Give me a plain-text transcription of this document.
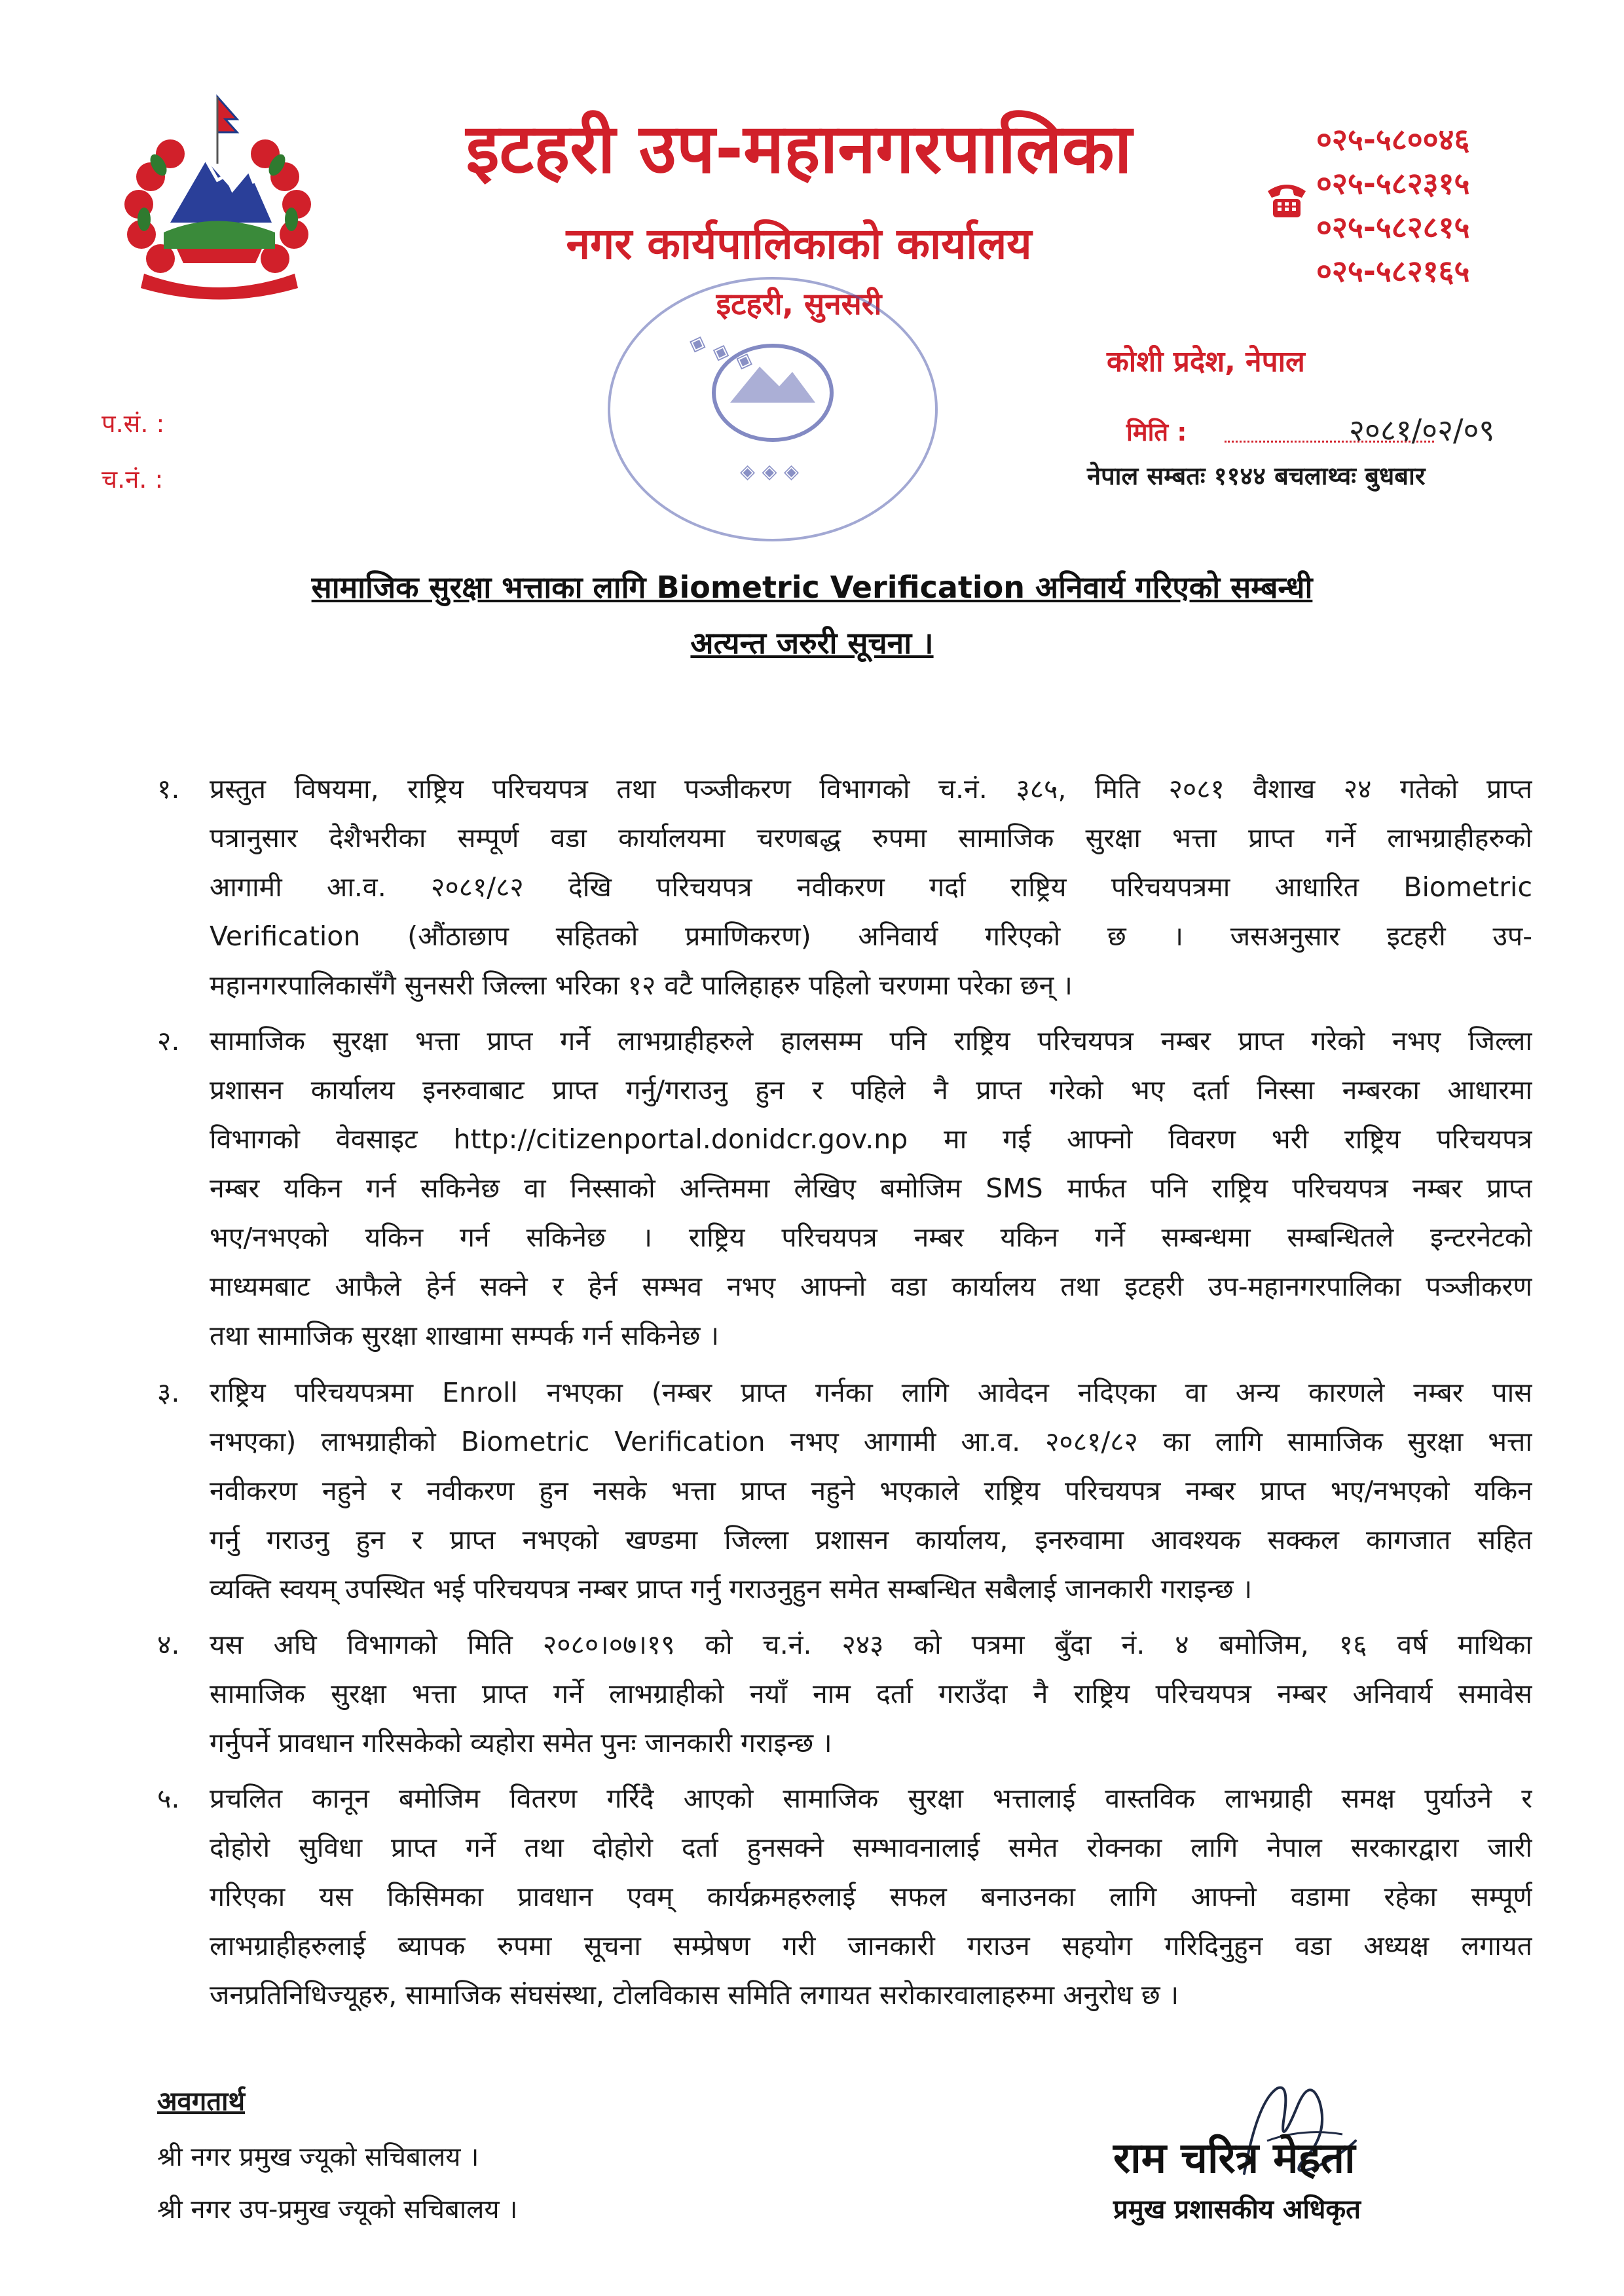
इटहरी उप-महानगरपालिका
नगर कार्यपालिकाको कार्यालय
इटहरी, सुनसरी
०२५-५८००४६
०२५-५८२३१५
०२५-५८२८१५
०२५-५८२१६५
कोशी प्रदेश, नेपाल
प.सं. :
च.नं. :
मिति :	२०८१/०२/०९
नेपाल सम्बतः ११४४ बचलाथ्वः बुधबार
◈ ◈ ◈
◈ ◈ ◈
सामाजिक सुरक्षा भत्ताका लागि Biometric Verification अनिवार्य गरिएको सम्बन्धी
अत्यन्त जरुरी सूचना ।
१. प्रस्तुत विषयमा, राष्ट्रिय परिचयपत्र तथा पञ्जीकरण विभागको च.नं. ३८५, मिति २०८१ वैशाख २४ गतेको प्राप्त
पत्रानुसार देशैभरीका सम्पूर्ण वडा कार्यालयमा चरणबद्ध रुपमा सामाजिक सुरक्षा भत्ता प्राप्त गर्ने लाभग्राहीहरुको
आगामी आ.व. २०८१/८२ देखि परिचयपत्र नवीकरण गर्दा राष्ट्रिय परिचयपत्रमा आधारित Biometric
Verification (औंठाछाप सहितको प्रमाणिकरण) अनिवार्य गरिएको छ । जसअनुसार इटहरी उप-
महानगरपालिकासँगै सुनसरी जिल्ला भरिका १२ वटै पालिहाहरु पहिलो चरणमा परेका छन् ।
२. सामाजिक सुरक्षा भत्ता प्राप्त गर्ने लाभग्राहीहरुले हालसम्म पनि राष्ट्रिय परिचयपत्र नम्बर प्राप्त गरेको नभए जिल्ला
प्रशासन कार्यालय इनरुवाबाट प्राप्त गर्नु/गराउनु हुन र पहिले नै प्राप्त गरेको भए दर्ता निस्सा नम्बरका आधारमा
विभागको वेवसाइट http://citizenportal.donidcr.gov.np मा गई आफ्नो विवरण भरी राष्ट्रिय परिचयपत्र
नम्बर यकिन गर्न सकिनेछ वा निस्साको अन्तिममा लेखिए बमोजिम SMS मार्फत पनि राष्ट्रिय परिचयपत्र नम्बर प्राप्त
भए/नभएको यकिन गर्न सकिनेछ । राष्ट्रिय परिचयपत्र नम्बर यकिन गर्ने सम्बन्धमा सम्बन्धितले इन्टरनेटको
माध्यमबाट आफैले हेर्न सक्ने र हेर्न सम्भव नभए आफ्नो वडा कार्यालय तथा इटहरी उप-महानगरपालिका पञ्जीकरण
तथा सामाजिक सुरक्षा शाखामा सम्पर्क गर्न सकिनेछ ।
३. राष्ट्रिय परिचयपत्रमा Enroll नभएका (नम्बर प्राप्त गर्नका लागि आवेदन नदिएका वा अन्य कारणले नम्बर पास
नभएका) लाभग्राहीको Biometric Verification नभए आगामी आ.व. २०८१/८२ का लागि सामाजिक सुरक्षा भत्ता
नवीकरण नहुने र नवीकरण हुन नसके भत्ता प्राप्त नहुने भएकाले राष्ट्रिय परिचयपत्र नम्बर प्राप्त भए/नभएको यकिन
गर्नु गराउनु हुन र प्राप्त नभएको खण्डमा जिल्ला प्रशासन कार्यालय, इनरुवामा आवश्यक सक्कल कागजात सहित
व्यक्ति स्वयम् उपस्थित भई परिचयपत्र नम्बर प्राप्त गर्नु गराउनुहुन समेत सम्बन्धित सबैलाई जानकारी गराइन्छ ।
४. यस अघि विभागको मिति २०८०।०७।१९ को च.नं. २४३ को पत्रमा बुँदा नं. ४ बमोजिम, १६ वर्ष माथिका
सामाजिक सुरक्षा भत्ता प्राप्त गर्ने लाभग्राहीको नयाँ नाम दर्ता गराउँदा नै राष्ट्रिय परिचयपत्र नम्बर अनिवार्य समावेस
गर्नुपर्ने प्रावधान गरिसकेको व्यहोरा समेत पुनः जानकारी गराइन्छ ।
५. प्रचलित कानून बमोजिम वितरण गर्रिदै आएको सामाजिक सुरक्षा भत्तालाई वास्तविक लाभग्राही समक्ष पुर्याउने र
दोहोरो सुविधा प्राप्त गर्ने तथा दोहोरो दर्ता हुनसक्ने सम्भावनालाई समेत रोक्नका लागि नेपाल सरकारद्वारा जारी
गरिएका यस किसिमका प्रावधान एवम् कार्यक्रमहरुलाई सफल बनाउनका लागि आफ्नो वडामा रहेका सम्पूर्ण
लाभग्राहीहरुलाई ब्यापक रुपमा सूचना सम्प्रेषण गरी जानकारी गराउन सहयोग गरिदिनुहुन वडा अध्यक्ष लगायत
जनप्रतिनिधिज्यूहरु, सामाजिक संघसंस्था, टोलविकास समिति लगायत सरोकारवालाहरुमा अनुरोध छ ।
अवगतार्थ
श्री नगर प्रमुख ज्यूको सचिबालय ।
श्री नगर उप-प्रमुख ज्यूको सचिबालय ।
राम चरित्र मेहता
प्रमुख प्रशासकीय अधिकृत
